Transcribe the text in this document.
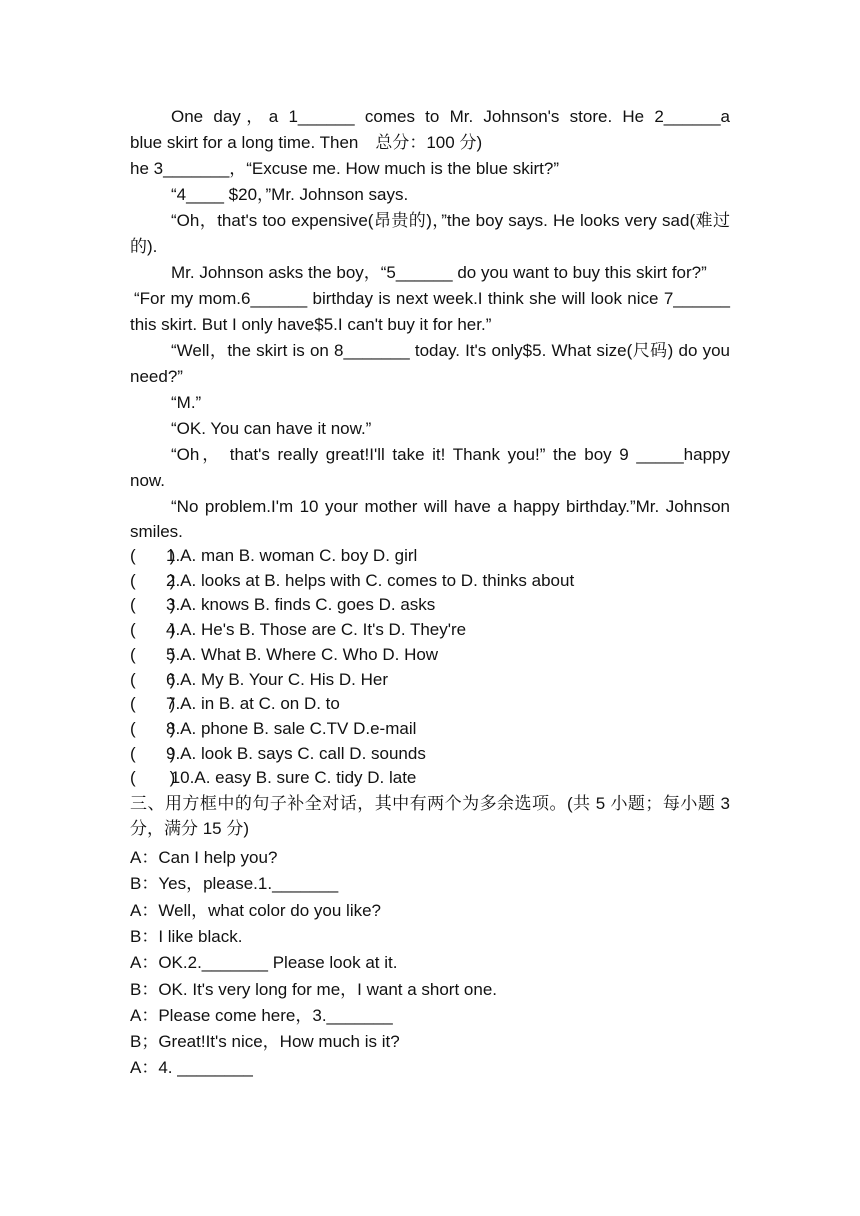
One day，a 1______ comes to Mr. Johnson's store. He 2______a
blue skirt for a long time. Then　总分：100 分)
he 3_______，“Excuse me. How much is the blue skirt?”
“4____ $20，”Mr. Johnson says.
“Oh，that's too expensive(昂贵的)，”the boy says. He looks very sad(难过的).
Mr. Johnson asks the boy，“5______ do you want to buy this skirt for?”
“For my mom.6______ birthday is next week.I think she will look nice 7______ this skirt. But I only have$5.I can't buy it for her.”
“Well，the skirt is on 8_______ today. It's only$5. What size(尺码) do you need?”
“M.”
“OK. You can have it now.”
“Oh， that's really great!I'll take it! Thank you!” the boy 9 _____happy now.
“No problem.I'm 10 your mother will have a happy birthday.”Mr. Johnson smiles.
(　　)1.A. man B. woman C. boy D. girl
(　　)2.A. looks at B. helps with C. comes to D. thinks about
(　　)3.A. knows B. finds C. goes D. asks
(　　)4.A. He's B. Those are C. It's D. They're
(　　)5.A. What B. Where C. Who D. How
(　　)6.A. My B. Your C. His D. Her
(　　)7.A. in B. at C. on D. to
(　　)8.A. phone B. sale C.TV D.e-mail
(　　)9.A. look B. says C. call D. sounds
(　　) 10.A. easy B. sure C. tidy D. late
三、用方框中的句子补全对话，其中有两个为多余选项。(共 5 小题；每小题 3 分，满分 15 分)
A：Can I help you?
B：Yes，please.1._______
A：Well，what color do you like?
B：I like black.
A：OK.2._______ Please look at it.
B：OK. It's very long for me，I want a short one.
A：Please come here，3._______
B；Great!It's nice，How much is it?
A：4. ________
